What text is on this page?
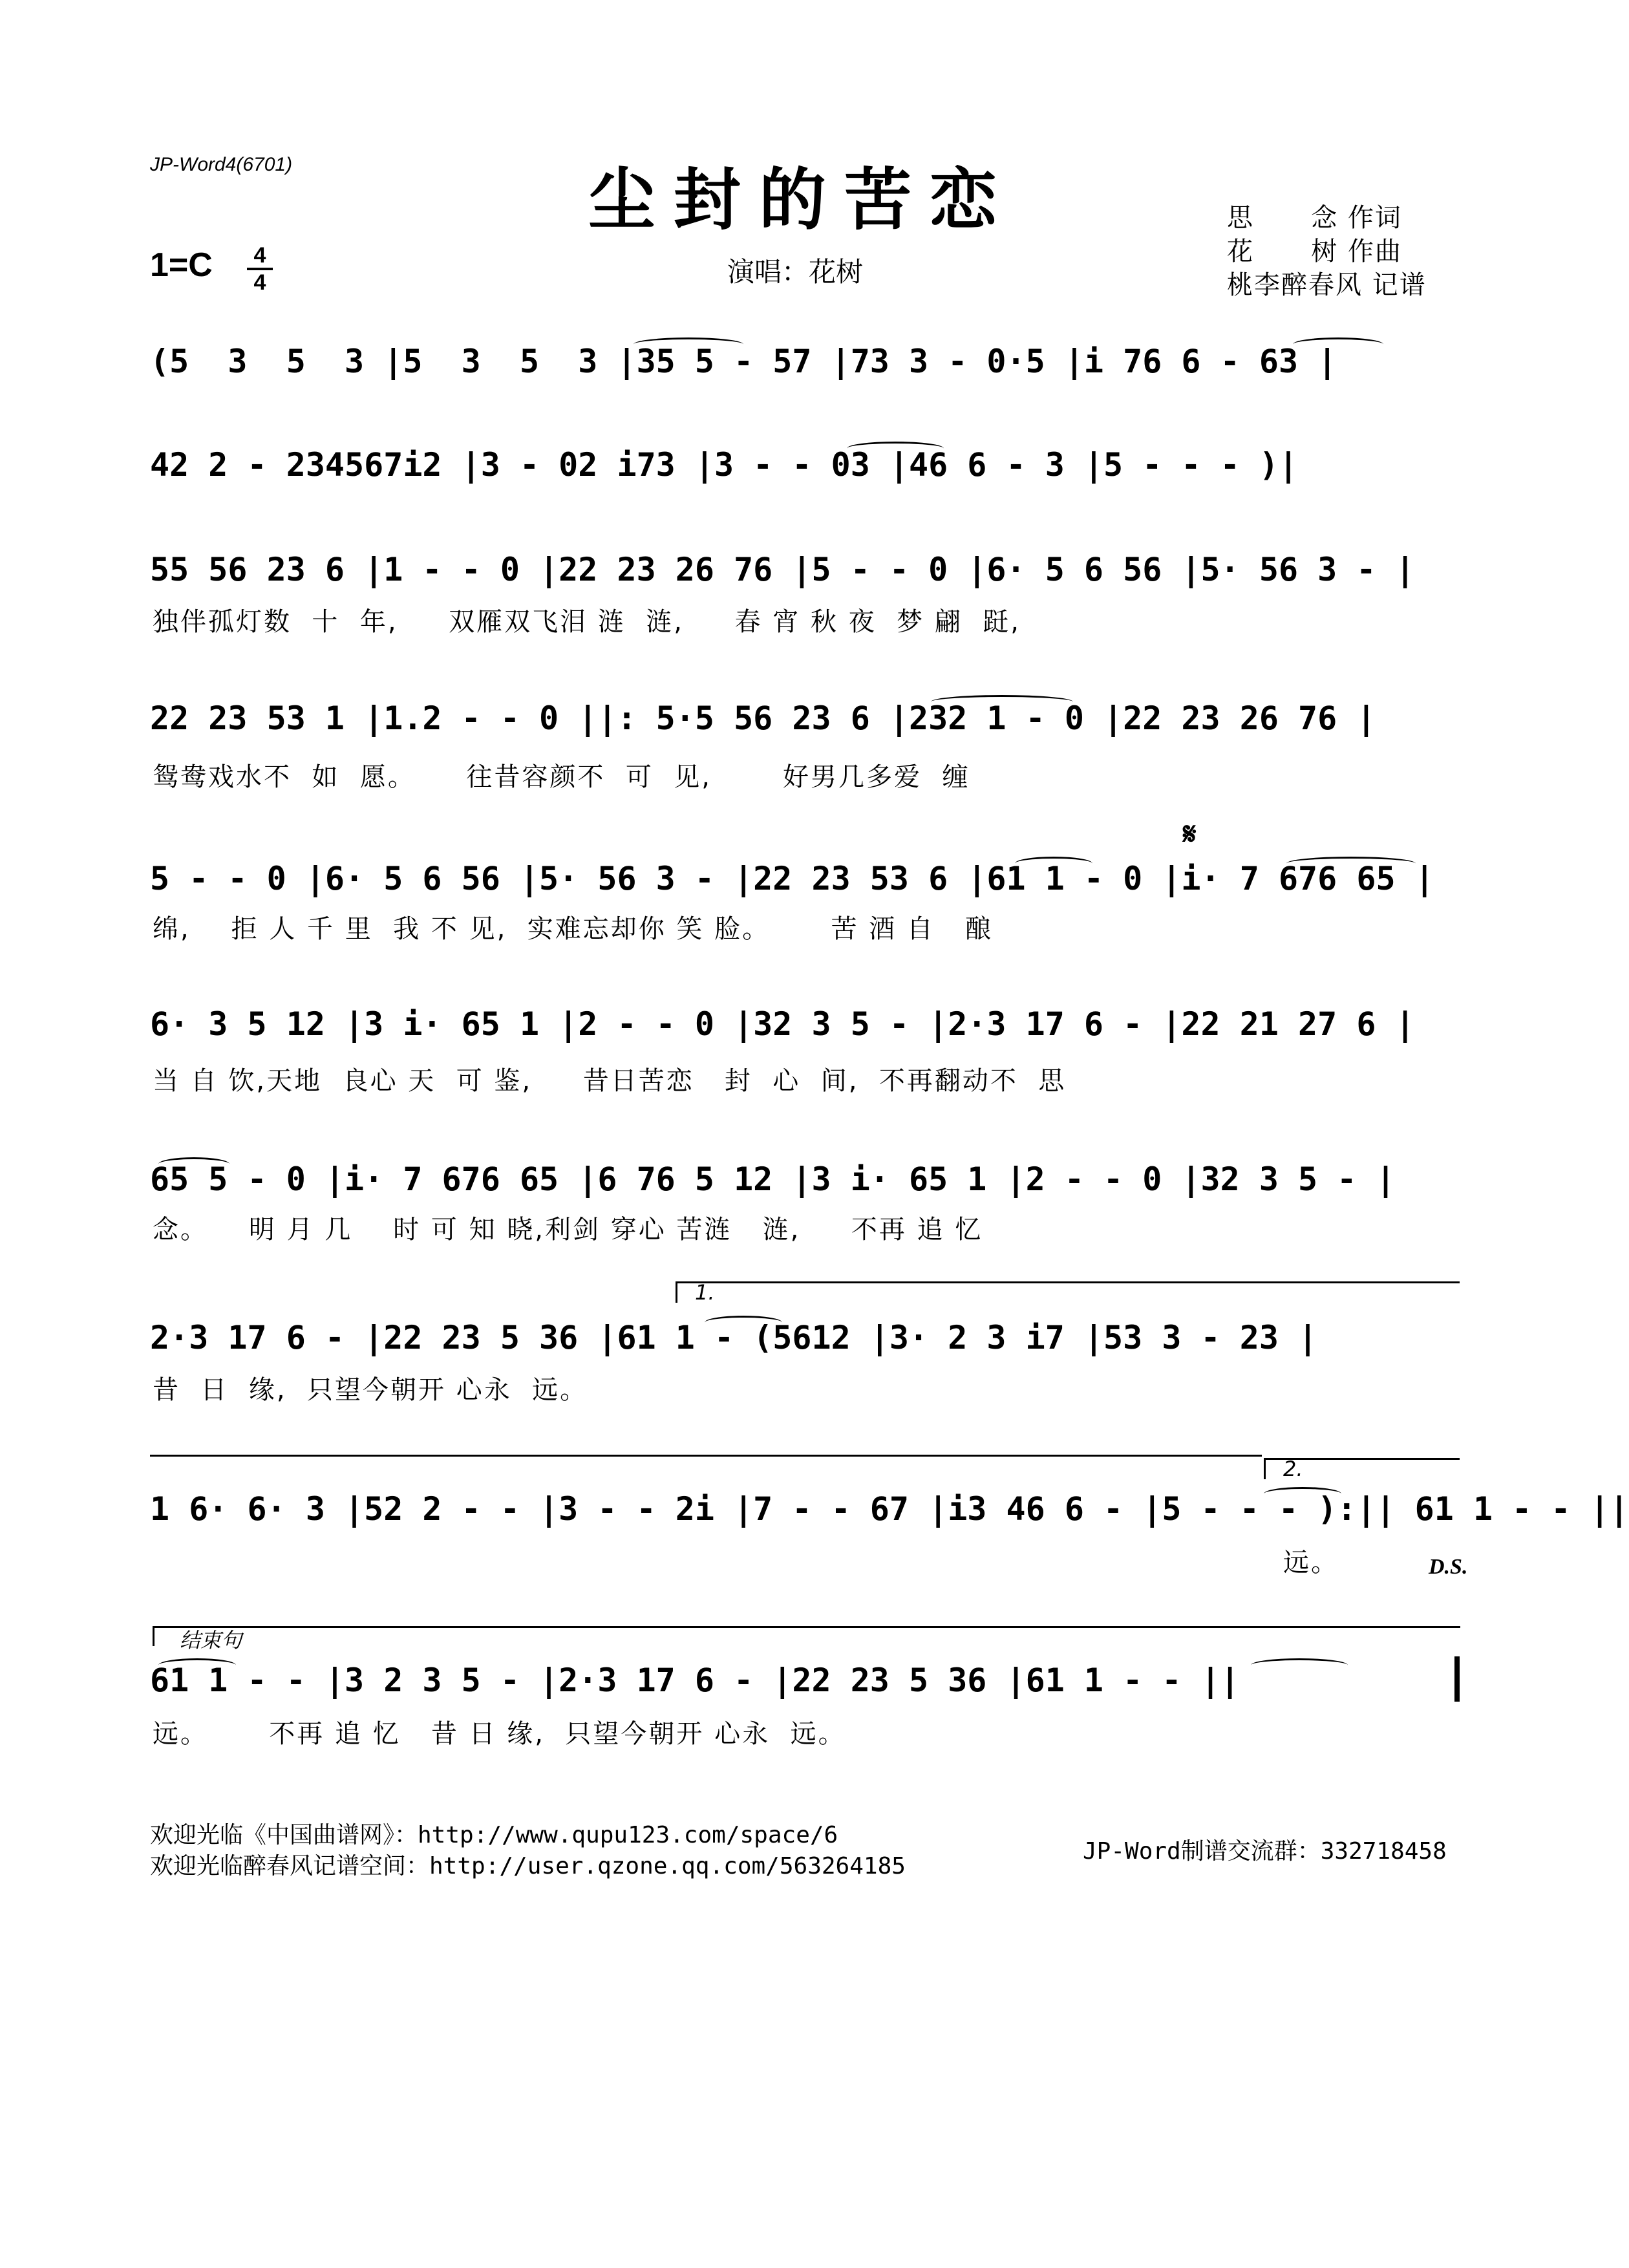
JP-Word4(6701)	尘封的苦恋
演唱：花树
1=C	4
4
思      念 作词
花      树 作曲
桃李醉春风 记谱
(5  3  5  3 |5  3  5  3 |35 5 - 57 |73 3 - 0·5 |i 76 6 - 63 |
42 2 - 234567i2 |3 - 02 i73 |3 - - 03 |46 6 - 3 |5 - - - )|
55 56 23 6 |1 - - 0 |22 23 26 76 |5 - - 0 |6· 5 6 56 |5· 56 3 - |
独伴孤灯数  十  年,     双雁双飞泪 涟  涟,     春 宵 秋 夜  梦 翩  跹,
22 23 53 1 |1.2 - - 0 ||: 5·5 56 23 6 |232 1 - 0 |22 23 26 76 |
鸳鸯戏水不  如  愿。     往昔容颜不  可  见,       好男几多爱  缠
𝄋
5 - - 0 |6· 5 6 56 |5· 56 3 - |22 23 53 6 |61 1 - 0 |i· 7 676 65 |
绵,    拒 人 千 里  我 不 见,  实难忘却你 笑 脸。      苦 酒 自   酿
6· 3 5 12 |3 i· 65 1 |2 - - 0 |32 3 5 - |2·3 17 6 - |22 21 27 6 |
当 自 饮,天地  良心 天  可 鉴,     昔日苦恋   封  心  间,  不再翻动不  思
65 5 - 0 |i· 7 676 65 |6 76 5 12 |3 i· 65 1 |2 - - 0 |32 3 5 - |
念。    明 月 几    时 可 知 晓,利剑 穿心 苦涟   涟,     不再 追 忆
1.
2·3 17 6 - |22 23 5 36 |61 1 - (5612 |3· 2 3 i7 |53 3 - 23 |
昔  日  缘,  只望今朝开 心永  远。
2.
1 6· 6· 3 |52 2 - - |3 - - 2i |7 - - 67 |i3 46 6 - |5 - - - ):|| 61 1 - - ||
远。	D.S.
结束句
61 1 - - |3 2 3 5 - |2·3 17 6 - |22 23 5 36 |61 1 - - ||
远。      不再 追 忆   昔 日 缘,  只望今朝开 心永  远。
欢迎光临《中国曲谱网》：http://www.qupu123.com/space/6
欢迎光临醉春风记谱空间：http://user.qzone.qq.com/563264185
JP-Word制谱交流群：332718458
